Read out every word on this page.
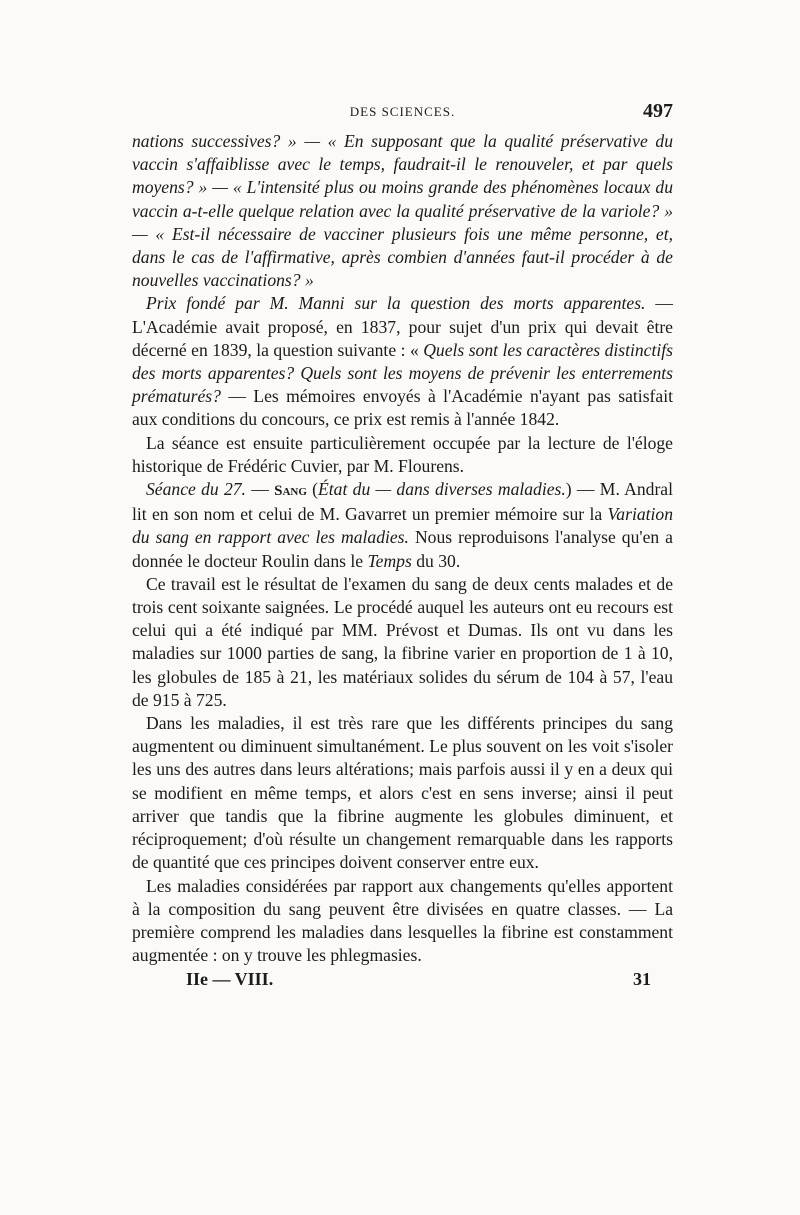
DES SCIENCES.	497

nations successives? » — « En supposant que la qualité préservative du vaccin s'affaiblisse avec le temps, faudrait-il le renouveler, et par quels moyens? » — « L'intensité plus ou moins grande des phénomènes locaux du vaccin a-t-elle quelque relation avec la qualité préservative de la variole? » — « Est-il nécessaire de vacciner plusieurs fois une même personne, et, dans le cas de l'affirmative, après combien d'années faut-il procéder à de nouvelles vaccinations? »

Prix fondé par M. Manni sur la question des morts apparentes. — L'Académie avait proposé, en 1837, pour sujet d'un prix qui devait être décerné en 1839, la question suivante : « Quels sont les caractères distinctifs des morts apparentes? Quels sont les moyens de prévenir les enterrements prématurés? — Les mémoires envoyés à l'Académie n'ayant pas satisfait aux conditions du concours, ce prix est remis à l'année 1842.

La séance est ensuite particulièrement occupée par la lecture de l'éloge historique de Frédéric Cuvier, par M. Flourens.

Séance du 27. — Sang (État du — dans diverses maladies.) — M. Andral lit en son nom et celui de M. Gavarret un premier mémoire sur la Variation du sang en rapport avec les maladies. Nous reproduisons l'analyse qu'en a donnée le docteur Roulin dans le Temps du 30.

Ce travail est le résultat de l'examen du sang de deux cents malades et de trois cent soixante saignées. Le procédé auquel les auteurs ont eu recours est celui qui a été indiqué par MM. Prévost et Dumas. Ils ont vu dans les maladies sur 1000 parties de sang, la fibrine varier en proportion de 1 à 10, les globules de 185 à 21, les matériaux solides du sérum de 104 à 57, l'eau de 915 à 725.

Dans les maladies, il est très rare que les différents principes du sang augmentent ou diminuent simultanément. Le plus souvent on les voit s'isoler les uns des autres dans leurs altérations; mais parfois aussi il y en a deux qui se modifient en même temps, et alors c'est en sens inverse; ainsi il peut arriver que tandis que la fibrine augmente les globules diminuent, et réciproquement; d'où résulte un changement remarquable dans les rapports de quantité que ces principes doivent conserver entre eux.

Les maladies considérées par rapport aux changements qu'elles apportent à la composition du sang peuvent être divisées en quatre classes. — La première comprend les maladies dans lesquelles la fibrine est constamment augmentée : on y trouve les phlegmasies.

IIe — VIII.	31
